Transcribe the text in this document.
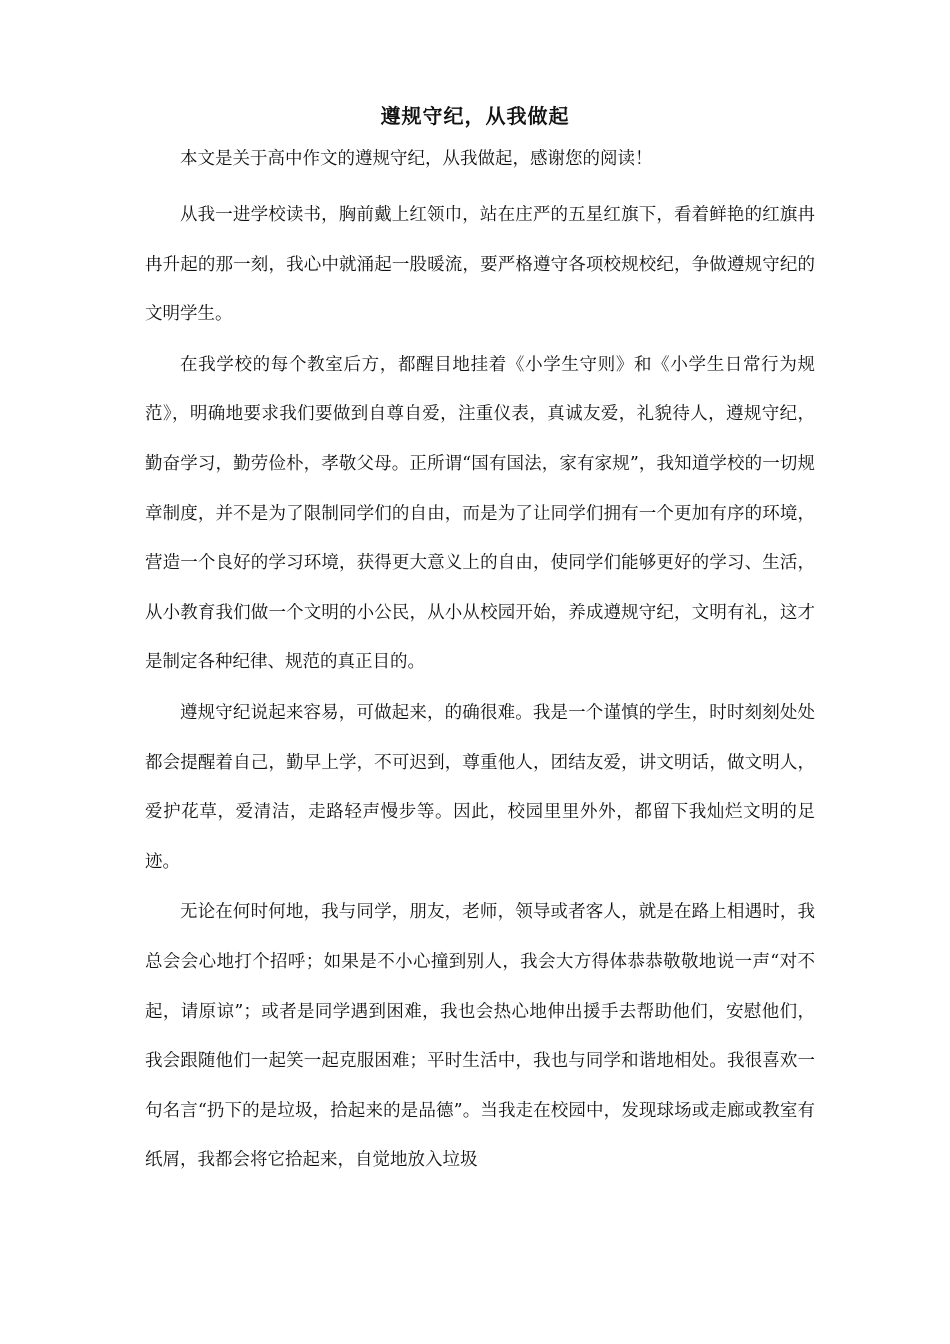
遵规守纪，从我做起
本文是关于高中作文的遵规守纪，从我做起，感谢您的阅读！

从我一进学校读书，胸前戴上红领巾，站在庄严的五星红旗下，看着鲜艳的红旗冉冉升起的那一刻，我心中就涌起一股暖流，要严格遵守各项校规校纪，争做遵规守纪的文明学生。

在我学校的每个教室后方，都醒目地挂着《小学生守则》和《小学生日常行为规范》，明确地要求我们要做到自尊自爱，注重仪表，真诚友爱，礼貌待人，遵规守纪，勤奋学习，勤劳俭朴，孝敬父母。正所谓“国有国法，家有家规”，我知道学校的一切规章制度，并不是为了限制同学们的自由，而是为了让同学们拥有一个更加有序的环境，营造一个良好的学习环境，获得更大意义上的自由，使同学们能够更好的学习、生活，从小教育我们做一个文明的小公民，从小从校园开始，养成遵规守纪，文明有礼，这才是制定各种纪律、规范的真正目的。

遵规守纪说起来容易，可做起来，的确很难。我是一个谨慎的学生，时时刻刻处处都会提醒着自己，勤早上学，不可迟到，尊重他人，团结友爱，讲文明话，做文明人，爱护花草，爱清洁，走路轻声慢步等。因此，校园里里外外，都留下我灿烂文明的足迹。

无论在何时何地，我与同学，朋友，老师，领导或者客人，就是在路上相遇时，我总会会心地打个招呼；如果是不小心撞到别人，我会大方得体恭恭敬敬地说一声“对不起，请原谅”；或者是同学遇到困难，我也会热心地伸出援手去帮助他们，安慰他们，我会跟随他们一起笑一起克服困难；平时生活中，我也与同学和谐地相处。我很喜欢一句名言“扔下的是垃圾，拾起来的是品德”。当我走在校园中，发现球场或走廊或教室有纸屑，我都会将它拾起来，自觉地放入垃圾
